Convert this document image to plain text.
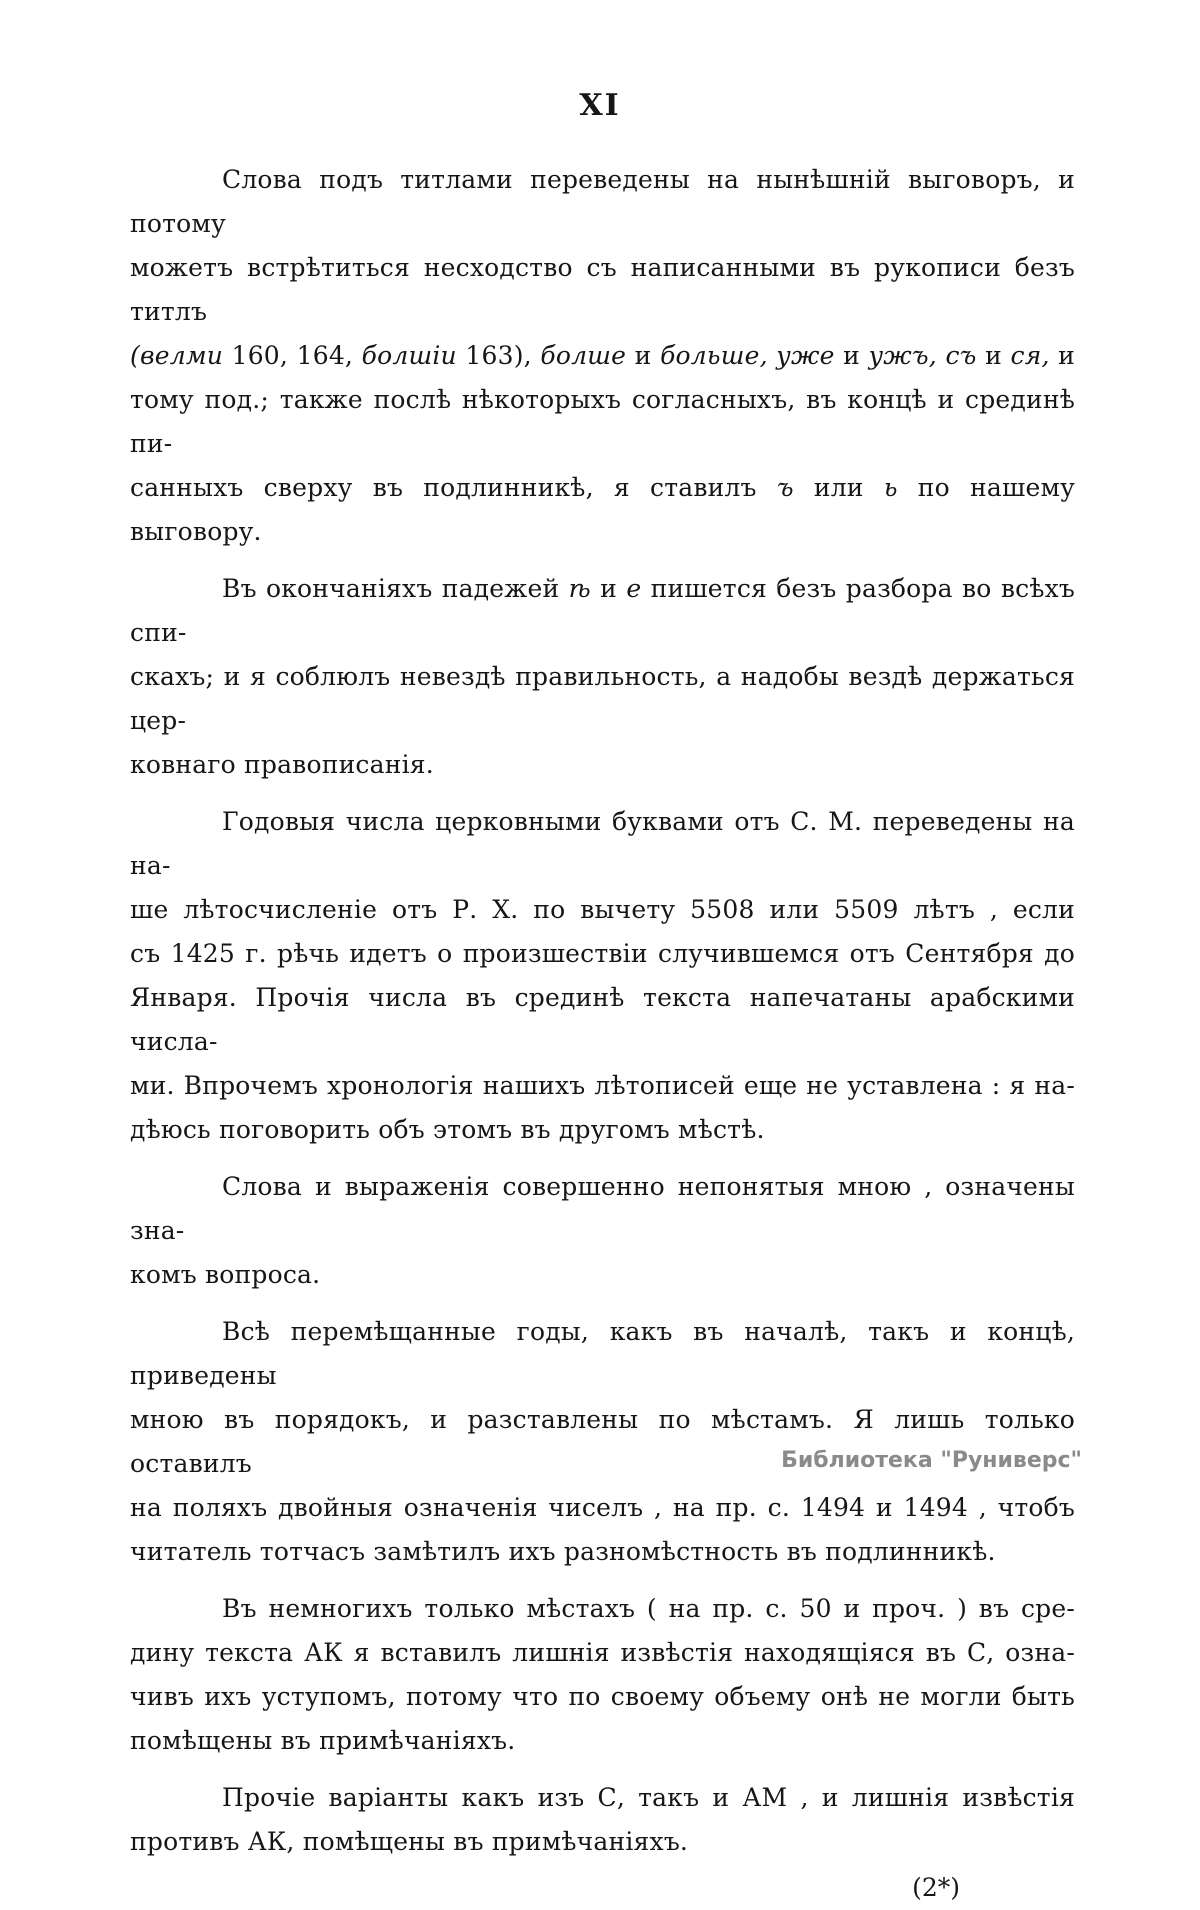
XI
Слова подъ титлами переведены на нынѣшній выговоръ, и потому
можетъ встрѣтиться несходство съ написанными въ рукописи безъ титлъ
(велми 160, 164, болшіи 163), болше и больше, уже и ужъ, съ и ся, и
тому под.; также послѣ нѣкоторыхъ согласныхъ, въ концѣ и срединѣ пи-
санныхъ сверху въ подлинникѣ, я ставилъ ъ или ь по нашему выговору.
Въ окончаніяхъ падежей ѣ и е пишется безъ разбора во всѣхъ спи-
скахъ; и я соблюлъ невездѣ правильность, а надобы вездѣ держаться цер-
ковнаго правописанія.
Годовыя числа церковными буквами отъ С. М. переведены на на-
ше лѣтосчисленіе отъ Р. Х. по вычету 5508 или 5509 лѣтъ , если
съ 1425 г. рѣчь идетъ о произшествіи случившемся отъ Сентября до
Января. Прочія числа въ срединѣ текста напечатаны арабскими числа-
ми. Впрочемъ хронологія нашихъ лѣтописей еще не уставлена : я на-
дѣюсь поговорить объ этомъ въ другомъ мѣстѣ.
Слова и выраженія совершенно непонятыя мною , означены зна-
комъ вопроса.
Всѣ перемѣщанные годы, какъ въ началѣ, такъ и концѣ, приведены
мною въ порядокъ, и разставлены по мѣстамъ. Я лишь только оставилъ
на поляхъ двойныя означенія чиселъ , на пр. с. 1494 и 1494 , чтобъ
читатель тотчасъ замѣтилъ ихъ разномѣстность въ подлинникѣ.
Въ немногихъ только мѣстахъ ( на пр. с. 50 и проч. ) въ сре-
дину текста АК я вставилъ лишнія извѣстія находящіяся въ С, озна-
чивъ ихъ уступомъ, потому что по своему объему онѣ не могли быть
помѣщены въ примѣчаніяхъ.
Прочіе варіанты какъ изъ С, такъ и АМ , и лишнія извѣстія
противъ АК, помѣщены въ примѣчаніяхъ.
(2*)
Библиотека "Руниверс"
